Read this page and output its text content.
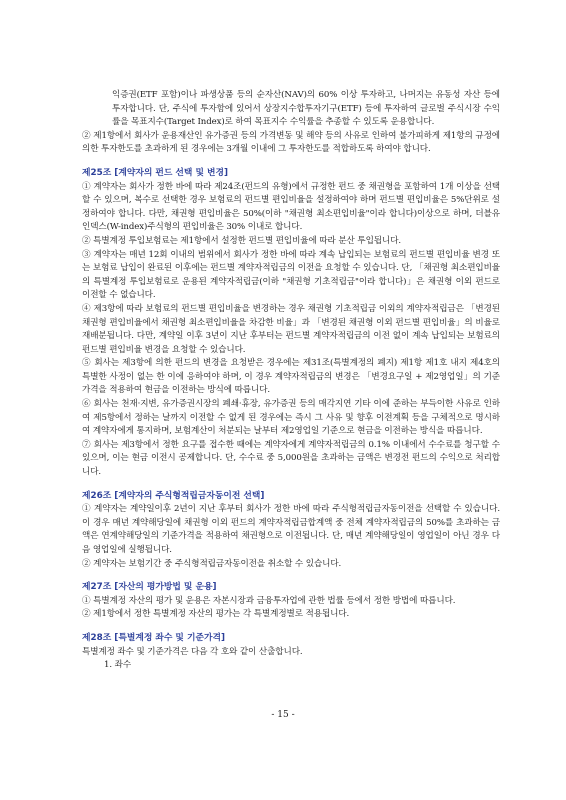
익증권(ETF 포함)이나 파생상품 등의 순자산(NAV)의 60% 이상 투자하고, 나머지는 유동성 자산 등에 투자합니다. 단, 주식에 투자함에 있어서 상장지수합투자기구(ETF) 등에 투자하여 글로벌 주식시장 수익률을 목표지수(Target Index)로 하여 목표지수 수익률을 추종할 수 있도록 운용합니다.

② 제1항에서 회사가 운용재산인 유가증권 등의 가격변동 및 해약 등의 사유로 인하여 불가피하게 제1항의 규정에 의한 투자한도를 초과하게 된 경우에는 3개월 이내에 그 투자한도를 적합하도록 하여야 합니다.

제25조 [계약자의 펀드 선택 및 변경]

① 계약자는 회사가 정한 바에 따라 제24조(펀드의 유형)에서 규정한 펀드 중 채권형을 포함하여 1개 이상을 선택할 수 있으며, 복수로 선택한 경우 보험료의 펀드별 편입비율을 설정하여야 하며 펀드별 편입비율은 5%단위로 설정하여야 합니다. 다만, 채권형 편입비율은 50%(이하 "채권형 최소편입비율"이라 합니다)이상으로 하며, 더블유인덱스(W-index)주식형의 편입비율은 30% 이내로 합니다.

② 특별계정 투입보험료는 제1항에서 설정한 펀드별 편입비율에 따라 분산 투입됩니다.

③ 계약자는 매년 12회 이내의 범위에서 회사가 정한 바에 따라 계속 납입되는 보험료의 펀드별 편입비율 변경 또는 보험료 납입이 완료된 이후에는 펀드별 계약자적립금의 이전을 요청할 수 있습니다. 단, 「채권형 최소편입비율의 특별계정 투입보험료로 운용된 계약자적립금(이하 "채권형 기초적립금"이라 합니다)」은 채권형 이외 펀드로 이전할 수 없습니다.

④ 제3항에 따라 보험료의 펀드별 편입비율을 변경하는 경우 채권형 기초적립금 이외의 계약자적립금은 「변경된 채권형 편입비율에서 채권형 최소편입비율을 차감한 비율」과 「변경된 채권형 이외 펀드별 편입비율」의 비율로 재배분됩니다. 다만, 계약일 이후 3년이 지난 후부터는 펀드별 계약자적립금의 이전 없이 계속 납입되는 보험료의 펀드별 편입비율 변경을 요청할 수 있습니다.

⑤ 회사는 제3항에 의한 펀드의 변경을 요청받은 경우에는 제31조(특별계정의 폐지) 제1항 제1호 내지 제4호의 특별한 사정이 없는 한 이에 응하여야 하며, 이 경우 계약자적립금의 변경은 「변경요구일 + 제2영업일」의 기준가격을 적용하여 현금을 이전하는 방식에 따릅니다.

⑥ 회사는 천재·지변, 유가증권시장의 폐쇄·휴장, 유가증권 등의 매각지연 기타 이에 준하는 부득이한 사유로 인하여 제5항에서 정하는 날까지 이전할 수 없게 된 경우에는 즉시 그 사유 및 향후 이전계획 등을 구체적으로 명시하여 계약자에게 통지하며, 보험계산이 처분되는 날부터 제2영업일 기준으로 현금을 이전하는 방식을 따릅니다.

⑦ 회사는 제3항에서 정한 요구를 접수한 때에는 계약자에게 계약자적립금의 0.1% 이내에서 수수료를 청구할 수 있으며, 이는 현금 이전시 공제합니다. 단, 수수료 중 5,000원을 초과하는 금액은 변경전 펀드의 수익으로 처리합니다.

제26조 [계약자의 주식형적립금자동이전 선택]

① 계약자는 계약일이후 2년이 지난 후부터 회사가 정한 바에 따라 주식형적립금자동이전을 선택할 수 있습니다. 이 경우 매년 계약해당일에 채권형 이외 펀드의 계약자적립금합계액 중 전체 계약자적립금의 50%를 초과하는 금액은 연계약해당일의 기준가격을 적용하여 채권형으로 이전됩니다. 단, 매년 계약해당일이 영업일이 아닌 경우 다음 영업일에 실행됩니다.

② 계약자는 보험기간 중 주식형적립금자동이전을 취소할 수 있습니다.

제27조 [자산의 평가방법 및 운용]

① 특별계정 자산의 평가 및 운용은 자본시장과 금융투자업에 관한 법률 등에서 정한 방법에 따릅니다.

② 제1항에서 정한 특별계정 자산의 평가는 각 특별계정별로 적용됩니다.

제28조 [특별계정 좌수 및 기준가격]

특별계정 좌수 및 기준가격은 다음 각 호와 같이 산출합니다.

1. 좌수

- 15 -
